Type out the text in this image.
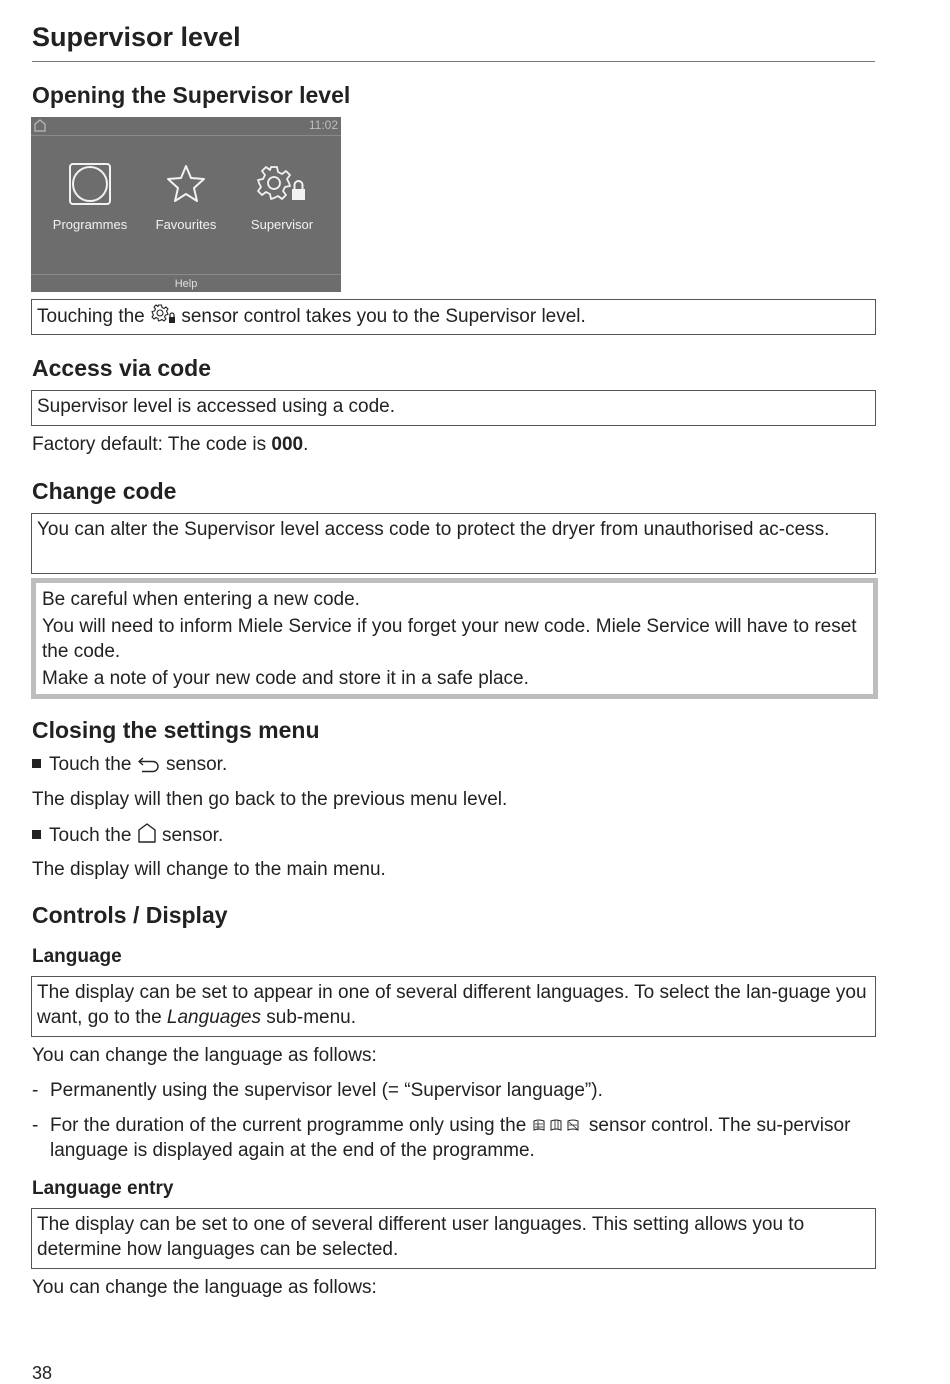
Supervisor level
Opening the Supervisor level
11:02
Programmes	Favourites	Supervisor
Help

Touching the sensor control takes you to the Supervisor level.

Access via code

Supervisor level is accessed using a code.

Factory default: The code is 000.

Change code

You can alter the Supervisor level access code to protect the dryer from unauthorised ac-cess.

Be careful when entering a new code.

You will need to inform Miele Service if you forget your new code. Miele Service will have to reset the code.

Make a note of your new code and store it in a safe place.

Closing the settings menu

Touch the sensor.

The display will then go back to the previous menu level.

Touch the sensor.

The display will change to the main menu.

Controls / Display
Language

The display can be set to appear in one of several different languages. To select the lan-guage you want, go to the Languages sub-menu.

You can change the language as follows:

- Permanently using the supervisor level (= “Supervisor language”).

- For the duration of the current programme only using the	sensor control. The su-pervisor language is displayed again at the end of the programme.

Language entry

The display can be set to one of several different user languages. This setting allows you to determine how languages can be selected.

You can change the language as follows:

38
